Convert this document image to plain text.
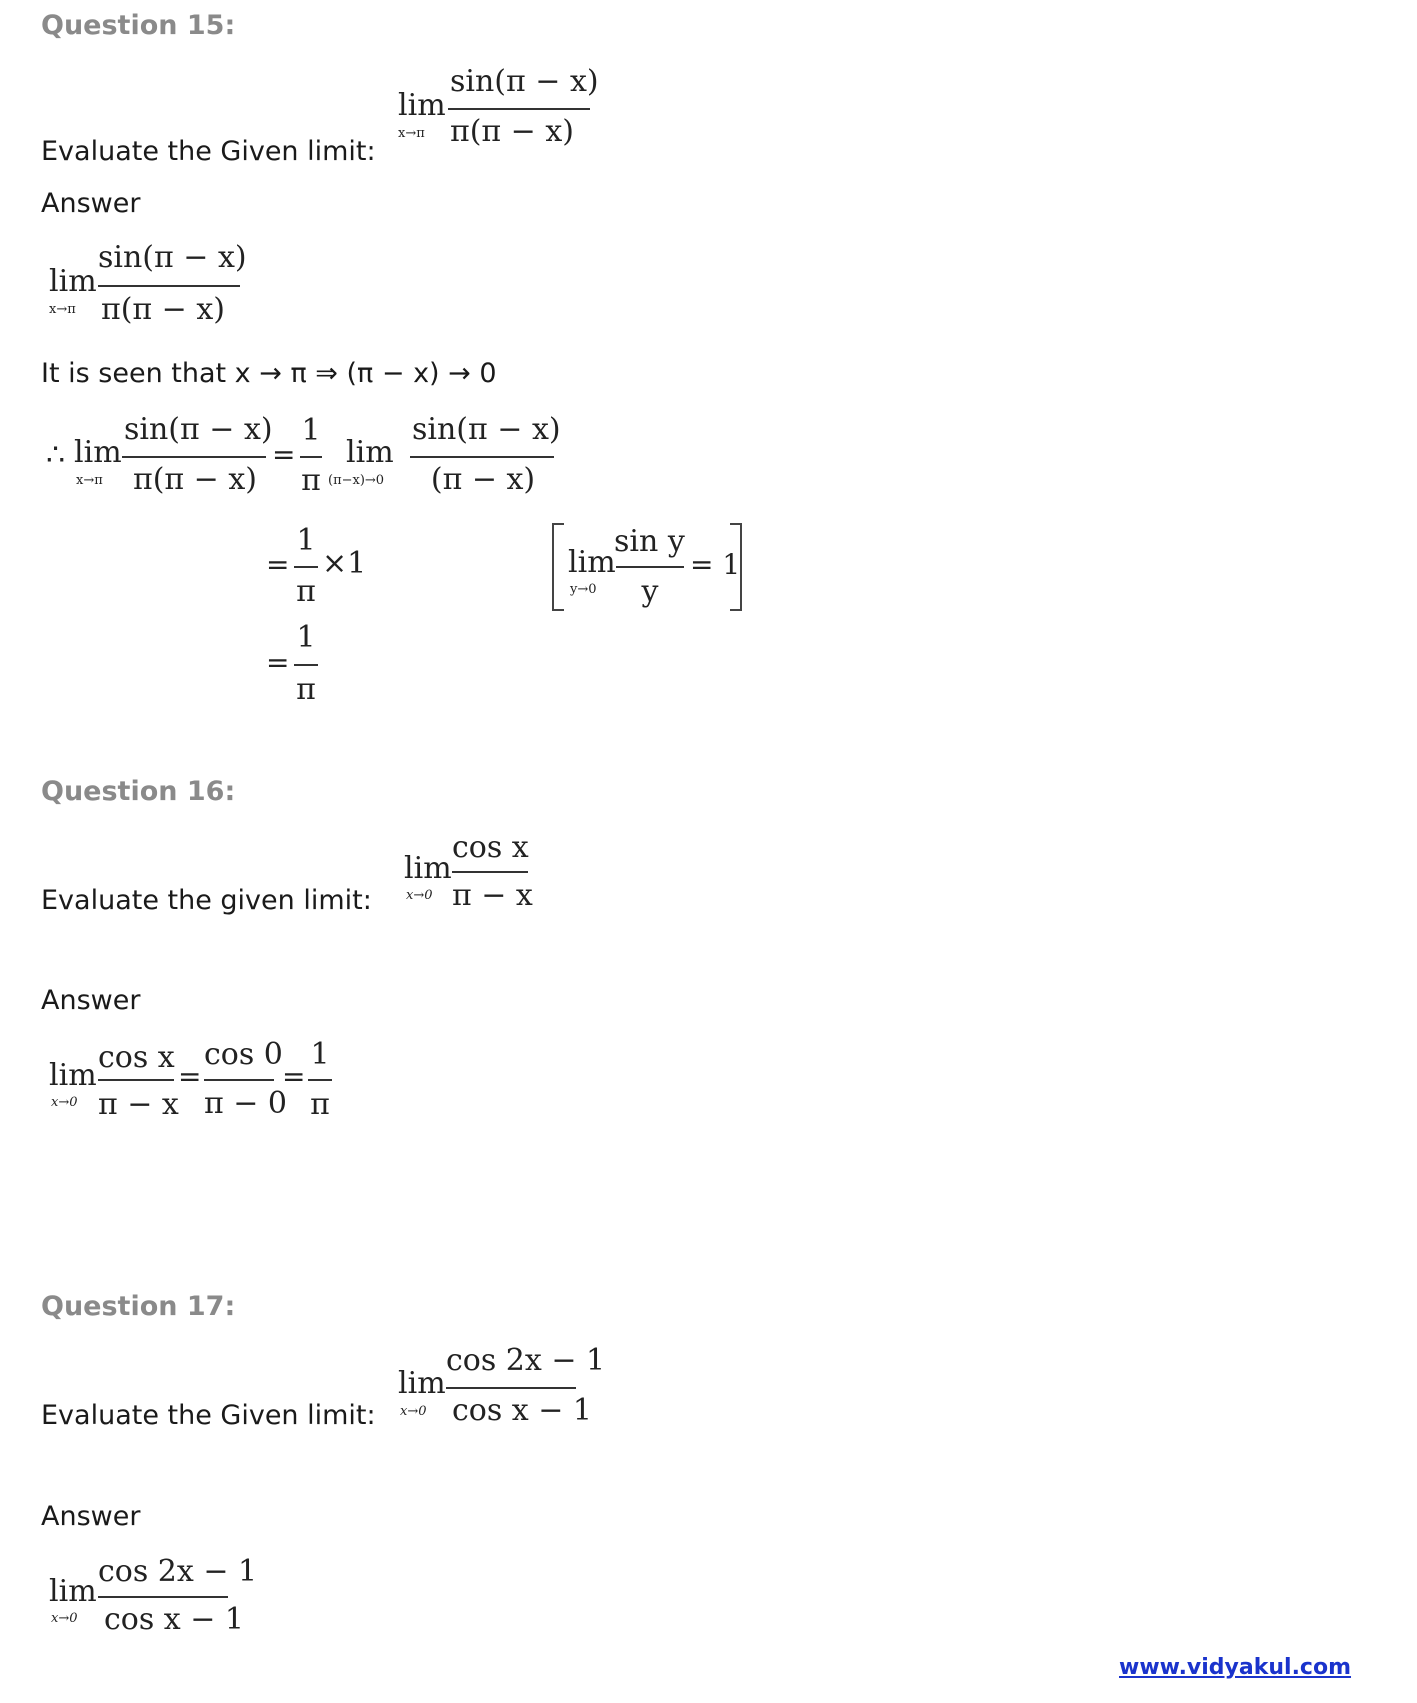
Question 15:
Evaluate the Given limit:
lim
x→π
sin(π − x)
π(π − x)
Answer
lim
x→π
sin(π − x)
π(π − x)
It is seen that x → π ⇒ (π − x) → 0
∴ lim
x→π
sin(π − x)
π(π − x)
=
1
π
lim
(π−x)→0
sin(π − x)
(π − x)
=
1
π
×1	lim
y→0
sin y
y
= 1
=
1
π
Question 16:
Evaluate the given limit:
lim
x→0
cos x
π − x
Answer
lim
x→0
cos x
π − x
=
cos 0
π − 0
=
1
π
Question 17:
Evaluate the Given limit:
lim
x→0
cos 2x − 1
cos x − 1
Answer
lim
x→0
cos 2x − 1
cos x − 1
www.vidyakul.com
